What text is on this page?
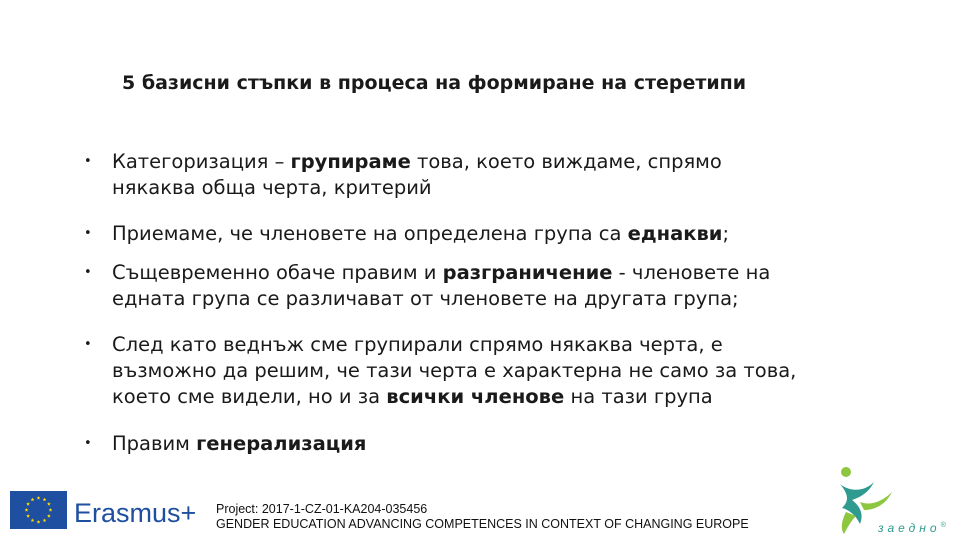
5 базисни стъпки в процеса на формиране на стеретипи
• Категоризация – групираме това, което виждаме, спрямо
някаква обща черта, критерий
• Приемаме, че членовете на определена група са еднакви;
• Същевременно обаче правим и разграничение - членовете на
едната група се различават от членовете на другата група;
• След като веднъж сме групирали спрямо някаква черта, е
възможно да решим, че тази черта е характерна не само за това,
което сме видели, но и за всички членове на тази група
• Правим генерализация
Erasmus+ Project: 2017-1-CZ-01-KA204-035456
GENDER EDUCATION ADVANCING COMPETENCES IN CONTEXT OF CHANGING EUROPE	заедно®
